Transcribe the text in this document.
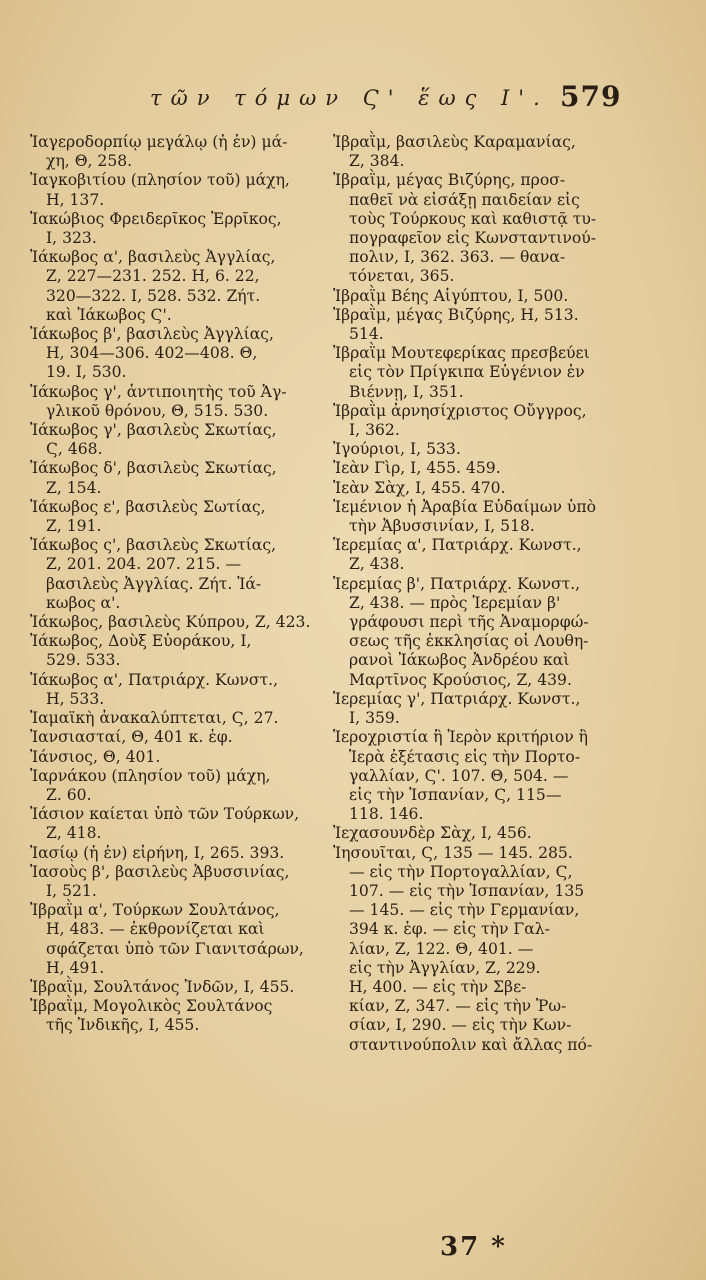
τῶν τόμων Ϛ' ἕως Ι'. 579
Ἰαγεροδορπίῳ μεγάλῳ (ἡ ἐν) μά-
χη, Θ, 258.
Ἰαγκοβιτίου (πλησίον τοῦ) μάχη,
Η, 137.
Ἰακώβιος Φρειδερῖκος Ἐρρῖκος,
Ι, 323.
Ἰάκωβος α', βασιλεὺς Ἀγγλίας,
Ζ, 227—231. 252. Η, 6. 22,
320—322. Ι, 528. 532. Ζήτ.
καὶ Ἰάκωβος Ϛ'.
Ἰάκωβος β', βασιλεὺς Ἀγγλίας,
Η, 304—306. 402—408. Θ,
19. Ι, 530.
Ἰάκωβος γ', ἀντιποιητὴς τοῦ Ἀγ-
γλικοῦ θρόνου, Θ, 515. 530.
Ἰάκωβος γ', βασιλεὺς Σκωτίας,
Ϛ, 468.
Ἰάκωβος δ', βασιλεὺς Σκωτίας,
Ζ, 154.
Ἰάκωβος ε', βασιλεὺς Σωτίας,
Ζ, 191.
Ἰάκωβος ς', βασιλεὺς Σκωτίας,
Ζ, 201. 204. 207. 215. —
βασιλεὺς Ἀγγλίας. Ζήτ. Ἰά-
κωβος α'.
Ἰάκωβος, βασιλεὺς Κύπρου, Ζ, 423.
Ἰάκωβος, Δοὺξ Εὐοράκου, Ι,
529. 533.
Ἰάκωβος α', Πατριάρχ. Κωνστ.,
Η, 533.
Ἰαμαϊκὴ ἀνακαλύπτεται, Ϛ, 27.
Ἰανσιασταί, Θ, 401 κ. ἑφ.
Ἰάνσιος, Θ, 401.
Ἰαρνάκου (πλησίον τοῦ) μάχη,
Ζ. 60.
Ἰάσιον καίεται ὑπὸ τῶν Τούρκων,
Ζ, 418.
Ἰασίῳ (ἡ ἐν) εἰρήνη, Ι, 265. 393.
Ἰασοὺς β', βασιλεὺς Ἀβυσσινίας,
Ι, 521.
Ἰβραῒμ α', Τούρκων Σουλτάνος,
Η, 483. — ἐκθρονίζεται καὶ
σφάζεται ὑπὸ τῶν Γιανιτσάρων,
Η, 491.
Ἰβραῒμ, Σουλτάνος Ἰνδῶν, Ι, 455.
Ἰβραῒμ, Μογολικὸς Σουλτάνος
τῆς Ἰνδικῆς, Ι, 455.
Ἰβραῒμ, βασιλεὺς Καραμανίας,
Ζ, 384.
Ἰβραῒμ, μέγας Βιζύρης, προσ-
παθεῖ νὰ εἰσάξῃ παιδείαν εἰς
τοὺς Τούρκους καὶ καθιστᾷ τυ-
πογραφεῖον εἰς Κωνσταντινού-
πολιν, Ι, 362. 363. — θανα-
τόνεται, 365.
Ἰβραῒμ Βέης Αἰγύπτου, Ι, 500.
Ἰβραῒμ, μέγας Βιζύρης, Η, 513.
514.
Ἰβραῒμ Μουτεφερίκας πρεσβεύει
εἰς τὸν Πρίγκιπα Εὐγένιον ἐν
Βιέννῃ, Ι, 351.
Ἰβραῒμ ἀρνησίχριστος Οὔγγρος,
Ι, 362.
Ἰγούριοι, Ι, 533.
Ἰεὰν Γὶρ, Ι, 455. 459.
Ἰεὰν Σὰχ, Ι, 455. 470.
Ἰεμένιον ἡ Ἀραβία Εὐδαίμων ὑπὸ
τὴν Ἀβυσσινίαν, Ι, 518.
Ἱερεμίας α', Πατριάρχ. Κωνστ.,
Ζ, 438.
Ἱερεμίας β', Πατριάρχ. Κωνστ.,
Ζ, 438. — πρὸς Ἱερεμίαν β'
γράφουσι περὶ τῆς Ἀναμορφώ-
σεως τῆς ἐκκλησίας οἱ Λουθη-
ρανοὶ Ἰάκωβος Ἀνδρέου καὶ
Μαρτῖνος Κρούσιος, Ζ, 439.
Ἱερεμίας γ', Πατριάρχ. Κωνστ.,
Ι, 359.
Ἱεροχριστία ἢ Ἱερὸν κριτήριον ἢ
Ἱερὰ ἐξέτασις εἰς τὴν Πορτο-
γαλλίαν, Ϛ'. 107. Θ, 504. —
εἰς τὴν Ἱσπανίαν, Ϛ, 115—
118. 146.
Ἰεχασουνδὲρ Σὰχ, Ι, 456.
Ἰησουῖται, Ϛ, 135 — 145. 285.
— εἰς τὴν Πορτογαλλίαν, Ϛ,
107. — εἰς τὴν Ἱσπανίαν, 135
— 145. — εἰς τὴν Γερμανίαν,
394 κ. ἑφ. — εἰς τὴν Γαλ-
λίαν, Ζ, 122. Θ, 401. —
εἰς τὴν Ἀγγλίαν, Ζ, 229.
Η, 400. — εἰς τὴν Σβε-
κίαν, Ζ, 347. — εἰς τὴν Ῥω-
σίαν, Ι, 290. — εἰς τὴν Κων-
σταντινούπολιν καὶ ἄλλας πό-
37 *
